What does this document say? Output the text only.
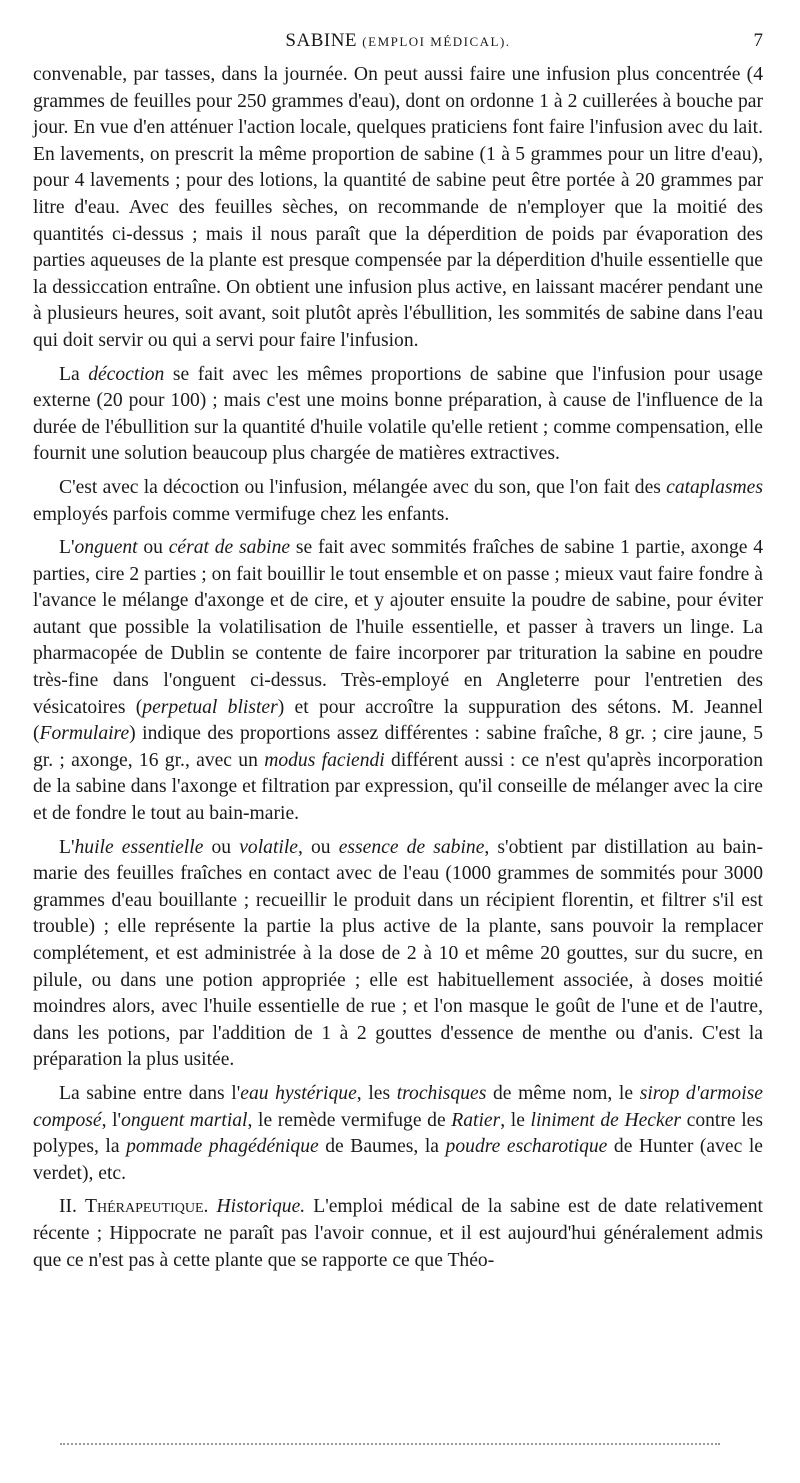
SABINE (EMPLOI MÉDICAL).	7

convenable, par tasses, dans la journée. On peut aussi faire une infusion plus concentrée (4 grammes de feuilles pour 250 grammes d'eau), dont on ordonne 1 à 2 cuillerées à bouche par jour. En vue d'en atténuer l'action locale, quelques praticiens font faire l'infusion avec du lait. En lavements, on prescrit la même proportion de sabine (1 à 5 grammes pour un litre d'eau), pour 4 lavements ; pour des lotions, la quantité de sabine peut être portée à 20 grammes par litre d'eau. Avec des feuilles sèches, on recommande de n'employer que la moitié des quantités ci-dessus ; mais il nous paraît que la déperdition de poids par évaporation des parties aqueuses de la plante est presque compensée par la déperdition d'huile essentielle que la dessiccation entraîne. On obtient une infusion plus active, en laissant macérer pendant une à plusieurs heures, soit avant, soit plutôt après l'ébullition, les sommités de sabine dans l'eau qui doit servir ou qui a servi pour faire l'infusion.

La décoction se fait avec les mêmes proportions de sabine que l'infusion pour usage externe (20 pour 100) ; mais c'est une moins bonne préparation, à cause de l'influence de la durée de l'ébullition sur la quantité d'huile volatile qu'elle retient ; comme compensation, elle fournit une solution beaucoup plus chargée de matières extractives.

C'est avec la décoction ou l'infusion, mélangée avec du son, que l'on fait des cataplasmes employés parfois comme vermifuge chez les enfants.

L'onguent ou cérat de sabine se fait avec sommités fraîches de sabine 1 partie, axonge 4 parties, cire 2 parties ; on fait bouillir le tout ensemble et on passe ; mieux vaut faire fondre à l'avance le mélange d'axonge et de cire, et y ajouter ensuite la poudre de sabine, pour éviter autant que possible la volatilisation de l'huile essentielle, et passer à travers un linge. La pharmacopée de Dublin se contente de faire incorporer par trituration la sabine en poudre très-fine dans l'onguent ci-dessus. Très-employé en Angleterre pour l'entretien des vésicatoires (perpetual blister) et pour accroître la suppuration des sétons. M. Jeannel (Formulaire) indique des proportions assez différentes : sabine fraîche, 8 gr. ; cire jaune, 5 gr. ; axonge, 16 gr., avec un modus faciendi différent aussi : ce n'est qu'après incorporation de la sabine dans l'axonge et filtration par expression, qu'il conseille de mélanger avec la cire et de fondre le tout au bain-marie.

L'huile essentielle ou volatile, ou essence de sabine, s'obtient par distillation au bain-marie des feuilles fraîches en contact avec de l'eau (1000 grammes de sommités pour 3000 grammes d'eau bouillante ; recueillir le produit dans un récipient florentin, et filtrer s'il est trouble) ; elle représente la partie la plus active de la plante, sans pouvoir la remplacer complétement, et est administrée à la dose de 2 à 10 et même 20 gouttes, sur du sucre, en pilule, ou dans une potion appropriée ; elle est habituellement associée, à doses moitié moindres alors, avec l'huile essentielle de rue ; et l'on masque le goût de l'une et de l'autre, dans les potions, par l'addition de 1 à 2 gouttes d'essence de menthe ou d'anis. C'est la préparation la plus usitée.

La sabine entre dans l'eau hystérique, les trochisques de même nom, le sirop d'armoise composé, l'onguent martial, le remède vermifuge de Ratier, le liniment de Hecker contre les polypes, la pommade phagédénique de Baumes, la poudre escharotique de Hunter (avec le verdet), etc.

II. Thérapeutique. Historique. L'emploi médical de la sabine est de date relativement récente ; Hippocrate ne paraît pas l'avoir connue, et il est aujourd'hui généralement admis que ce n'est pas à cette plante que se rapporte ce que Théo-
